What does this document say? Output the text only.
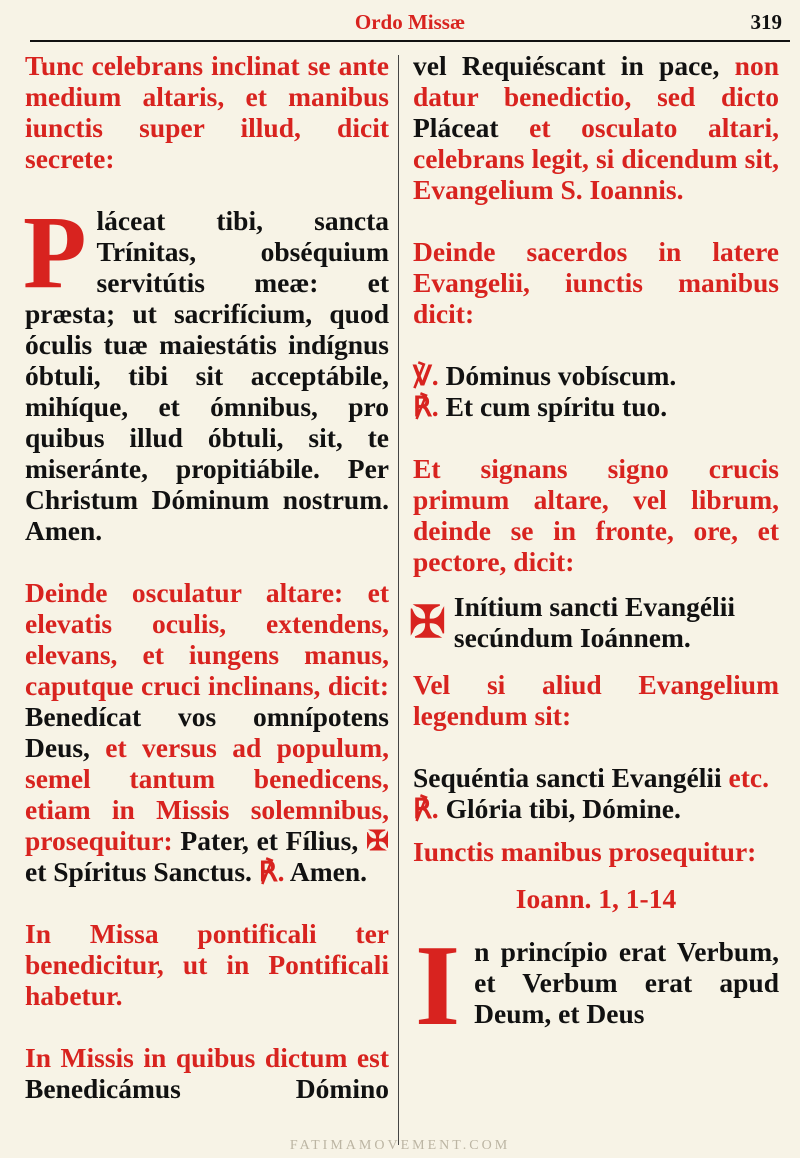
Ordo Missæ	319

Tunc celebrans inclinat se ante medium altaris, et manibus iunctis super illud, dicit secrete:

P láceat tibi, sancta Trínitas, obséquium servitútis meæ: et præsta; ut sacrifícium, quod óculis tuæ maiestátis indígnus óbtuli, tibi sit acceptábile, mihíque, et ómnibus, pro quibus illud óbtuli, sit, te miseránte, propitiábile. Per Christum Dóminum nostrum. Amen.

Deinde osculatur altare: et elevatis oculis, extendens, elevans, et iungens manus, caputque cruci inclinans, dicit: Benedícat vos omnípotens Deus, et versus ad populum, semel tantum benedicens, etiam in Missis solemnibus, prosequitur: Pater, et Fílius, ✠ et Spíritus Sanctus. ℟. Amen.

In Missa pontificali ter benedicitur, ut in Pontificali habetur.

In Missis in quibus dictum est Benedicámus Dómino

vel Requiéscant in pace, non datur benedictio, sed dicto Pláceat et osculato altari, celebrans legit, si dicendum sit, Evangelium S. Ioannis.

Deinde sacerdos in latere Evangelii, iunctis manibus dicit:

℣. Dóminus vobíscum.
℟. Et cum spíritu tuo.

Et signans signo crucis primum altare, vel librum, deinde se in fronte, ore, et pectore, dicit:

✠ Inítium sancti Evangélii secúndum Ioánnem.

Vel si aliud Evangelium legendum sit:

Sequéntia sancti Evangélii etc.
℟. Glória tibi, Dómine.

Iunctis manibus prosequitur:

Ioann. 1, 1-14

I n princípio erat Verbum, et Verbum erat apud Deum, et Deus

FATIMAMOVEMENT.COM
